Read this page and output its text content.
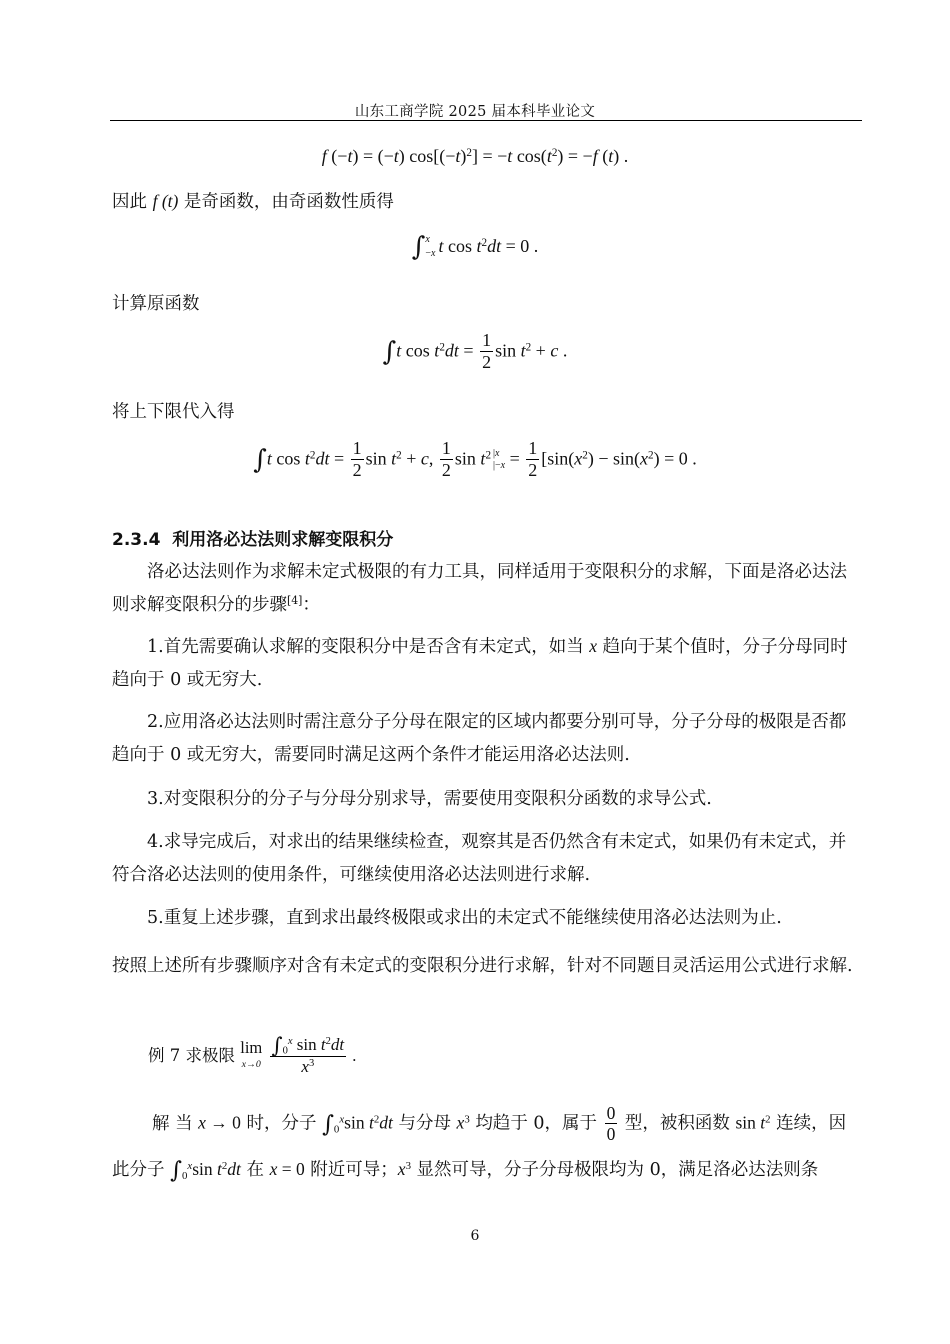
山东工商学院 2025 届本科毕业论文
f (−t) = (−t) $\cos[(-t)^2] = -t$ $\cos(t^2) = -f$ (t) .
因此 f (t) 是奇函数，由奇函数性质得
∫x
−x t $\cos t^2dt = 0$ .
计算原函数
∫t $\cos t^2dt = \frac{1}{2}$ $\sin t^2 + c$ .
将上下限代入得
∫t $\cos t^2dt = \frac{1}{2}$ $\sin t^2 + c$, $\frac{1}{2}$ $\sin t^2$ |x
$|-x = \frac{1}{2} [\sin(x^2) - \sin(x^2) = 0$ .
2.3.4 利用洛必达法则求解变限积分
洛必达法则作为求解未定式极限的有力工具，同样适用于变限积分的求解，下面是洛必达法则求解变限积分的步骤[4]：
1.首先需要确认求解的变限积分中是否含有未定式，如当 x 趋向于某个值时，分子分母同时趋向于 0 或无穷大.
2.应用洛必达法则时需注意分子分母在限定的区域内都要分别可导，分子分母的极限是否都趋向于 0 或无穷大，需要同时满足这两个条件才能运用洛必达法则.
3.对变限积分的分子与分母分别求导，需要使用变限积分函数的求导公式.
4.求导完成后，对求出的结果继续检查，观察其是否仍然含有未定式，如果仍有未定式，并符合洛必达法则的使用条件，可继续使用洛必达法则进行求解.
5.重复上述步骤，直到求出最终极限或求出的未定式不能继续使用洛必达法则为止.
按照上述所有步骤顺序对含有未定式的变限积分进行求解，针对不同题目灵活运用公式进行求解.
例 7 求极限 lim
x→0
$\frac{\int_0^x \sin t^2dt}{x^3}$ .
解 当 x → 0 时，分子 $\int_0^x\sin$ $t^2dt$ 与分母 $x^3$ 均趋于 0，属于 $\frac{0}{0}$ 型，被积函数 $\sin t^2$ 连续，因
此分子 $\int_0^x\sin$ $t^2dt$ 在 x = 0 附近可导；$x^3$ 显然可导，分子分母极限均为 0，满足洛必达法则条
6
